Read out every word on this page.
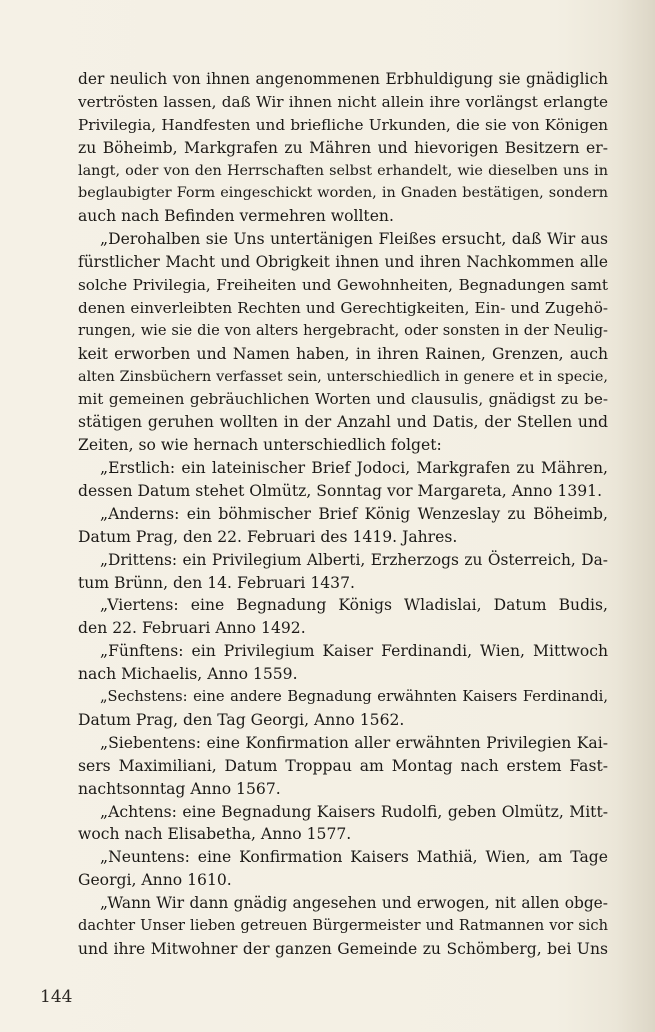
der neulich von ihnen angenommenen Erbhuldigung sie gnädiglich
vertrösten lassen, daß Wir ihnen nicht allein ihre vorlängst erlangte
Privilegia, Handfesten und briefliche Urkunden, die sie von Königen
zu Böheimb, Markgrafen zu Mähren und hievorigen Besitzern er-
langt, oder von den Herrschaften selbst erhandelt, wie dieselben uns in
beglaubigter Form eingeschickt worden, in Gnaden bestätigen, sondern
auch nach Befinden vermehren wollten.
„Derohalben sie Uns untertänigen Fleißes ersucht, daß Wir aus
fürstlicher Macht und Obrigkeit ihnen und ihren Nachkommen alle
solche Privilegia, Freiheiten und Gewohnheiten, Begnadungen samt
denen einverleibten Rechten und Gerechtigkeiten, Ein- und Zugehö-
rungen, wie sie die von alters hergebracht, oder sonsten in der Neulig-
keit erworben und Namen haben, in ihren Rainen, Grenzen, auch
alten Zinsbüchern verfasset sein, unterschiedlich in genere et in specie,
mit gemeinen gebräuchlichen Worten und clausulis, gnädigst zu be-
stätigen geruhen wollten in der Anzahl und Datis, der Stellen und
Zeiten, so wie hernach unterschiedlich folget:
„Erstlich: ein lateinischer Brief Jodoci, Markgrafen zu Mähren,
dessen Datum stehet Olmütz, Sonntag vor Margareta, Anno 1391.
„Anderns: ein böhmischer Brief König Wenzeslay zu Böheimb,
Datum Prag, den 22. Februari des 1419. Jahres.
„Drittens: ein Privilegium Alberti, Erzherzogs zu Österreich, Da-
tum Brünn, den 14. Februari 1437.
„Viertens: eine Begnadung Königs Wladislai, Datum Budis,
den 22. Februari Anno 1492.
„Fünftens: ein Privilegium Kaiser Ferdinandi, Wien, Mittwoch
nach Michaelis, Anno 1559.
„Sechstens: eine andere Begnadung erwähnten Kaisers Ferdinandi,
Datum Prag, den Tag Georgi, Anno 1562.
„Siebentens: eine Konfirmation aller erwähnten Privilegien Kai-
sers Maximiliani, Datum Troppau am Montag nach erstem Fast-
nachtsonntag Anno 1567.
„Achtens: eine Begnadung Kaisers Rudolfi, geben Olmütz, Mitt-
woch nach Elisabetha, Anno 1577.
„Neuntens: eine Konfirmation Kaisers Mathiä, Wien, am Tage
Georgi, Anno 1610.
„Wann Wir dann gnädig angesehen und erwogen, nit allen obge-
dachter Unser lieben getreuen Bürgermeister und Ratmannen vor sich
und ihre Mitwohner der ganzen Gemeinde zu Schömberg, bei Uns
144
